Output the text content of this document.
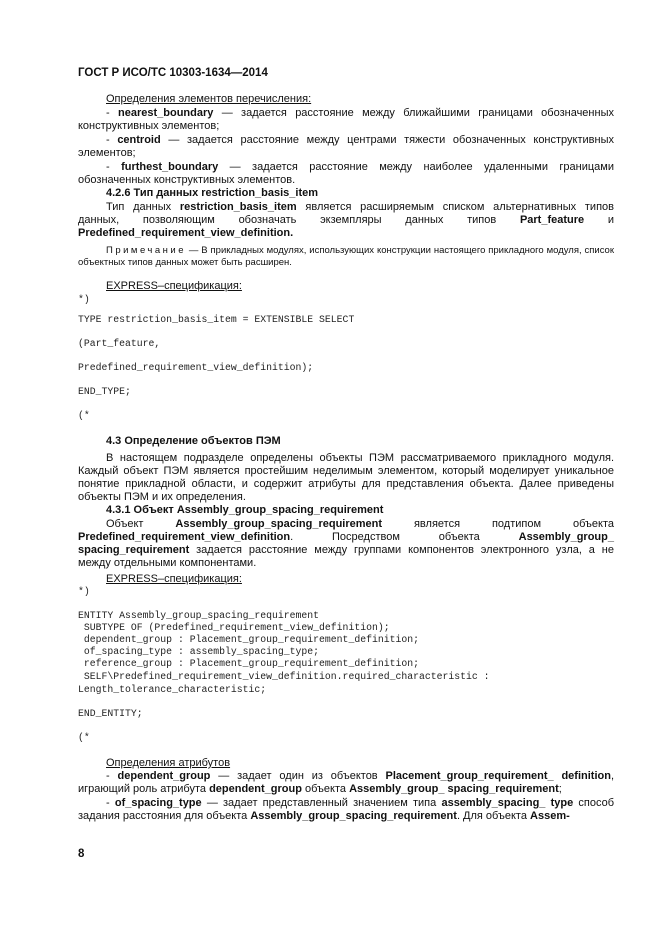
ГОСТ Р ИСО/ТС 10303-1634—2014
Определения элементов перечисления:
- nearest_boundary — задается расстояние между ближайшими границами обозначенных конструктивных элементов;
- centroid — задается расстояние между центрами тяжести обозначенных конструктивных элементов;
- furthest_boundary — задается расстояние между наиболее удаленными границами обозначенных конструктивных элементов.
4.2.6 Тип данных restriction_basis_item
Тип данных restriction_basis_item является расширяемым списком альтернативных типов данных, позволяющим обозначать экземпляры данных типов Part_feature и Predefined_requirement_view_definition.
Примечание — В прикладных модулях, использующих конструкции настоящего прикладного модуля, список объектных типов данных может быть расширен.
EXPRESS–спецификация:
*)
TYPE restriction_basis_item = EXTENSIBLE SELECT
(Part_feature,
Predefined_requirement_view_definition);
END_TYPE;
(*
4.3 Определение объектов ПЭМ
В настоящем подразделе определены объекты ПЭМ рассматриваемого прикладного модуля. Каждый объект ПЭМ является простейшим неделимым элементом, который моделирует уникальное понятие прикладной области, и содержит атрибуты для представления объекта. Далее приведены объекты ПЭМ и их определения.
4.3.1 Объект Assembly_group_spacing_requirement
Объект Assembly_group_spacing_requirement является подтипом объекта Predefined_requirement_view_definition. Посредством объекта Assembly_group_ spacing_requirement задается расстояние между группами компонентов электронного узла, а не между отдельными компонентами.
EXPRESS–спецификация:
*)
ENTITY Assembly_group_spacing_requirement
SUBTYPE OF (Predefined_requirement_view_definition);
dependent_group : Placement_group_requirement_definition;
of_spacing_type : assembly_spacing_type;
reference_group : Placement_group_requirement_definition;
SELF\Predefined_requirement_view_definition.required_characteristic :
Length_tolerance_characteristic;
END_ENTITY;
(*
Определения атрибутов
- dependent_group — задает один из объектов Placement_group_requirement_ definition, играющий роль атрибута dependent_group объекта Assembly_group_ spacing_requirement;
- of_spacing_type — задает представленный значением типа assembly_spacing_ type способ задания расстояния для объекта Assembly_group_spacing_requirement. Для объекта Assem-
8
